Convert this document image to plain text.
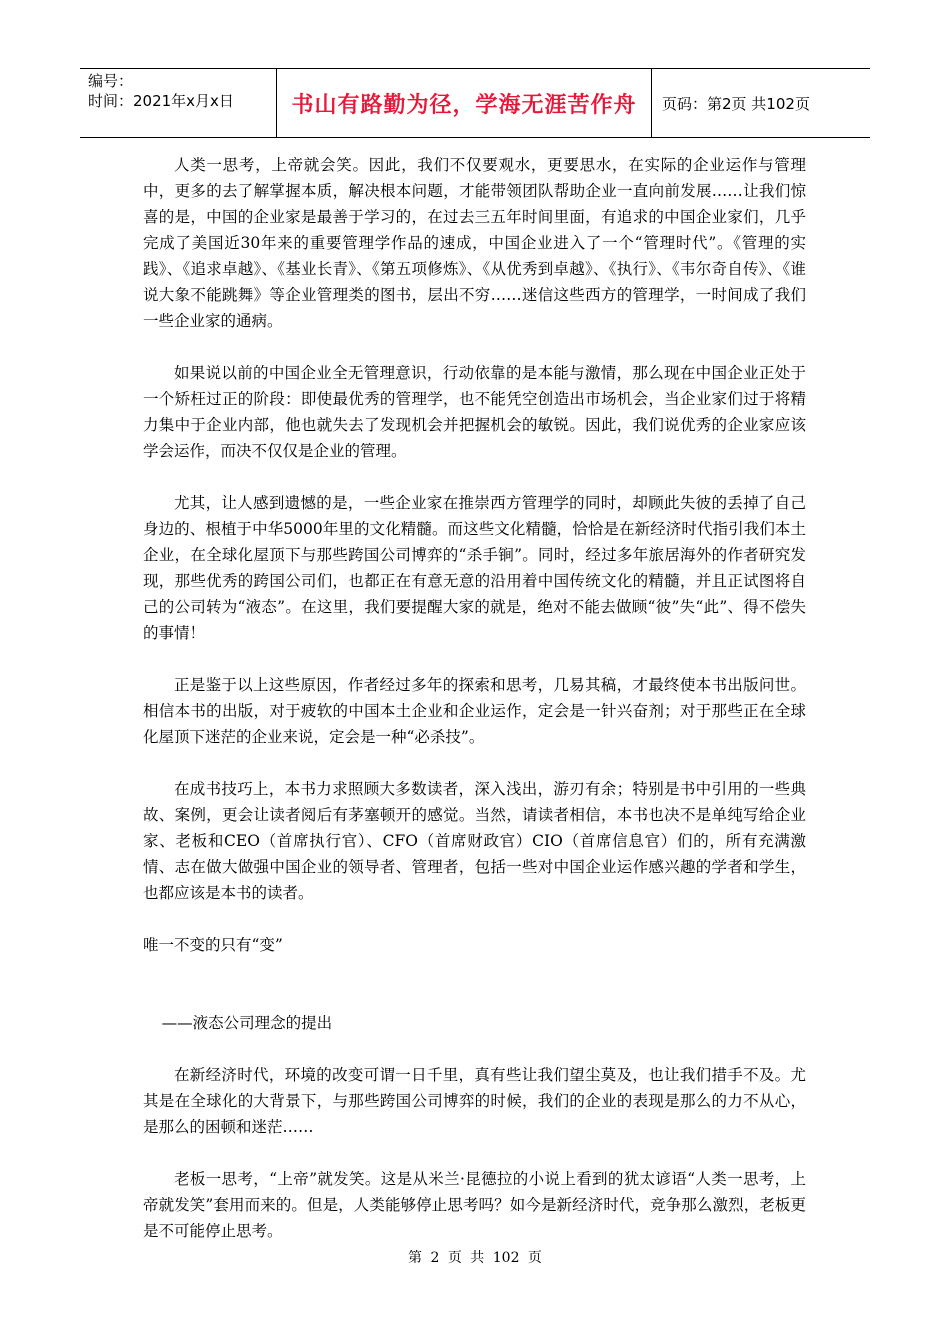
编号：
时间：2021年x月x日	书山有路勤为径，学海无涯苦作舟	页码：第2页 共102页

人类一思考，上帝就会笑。因此，我们不仅要观水，更要思水，在实际的企业运作与管理中，更多的去了解掌握本质，解决根本问题，才能带领团队帮助企业一直向前发展……让我们惊喜的是，中国的企业家是最善于学习的，在过去三五年时间里面，有追求的中国企业家们，几乎完成了美国近30年来的重要管理学作品的速成，中国企业进入了一个“管理时代”。《管理的实践》、《追求卓越》、《基业长青》、《第五项修炼》、《从优秀到卓越》、《执行》、《韦尔奇自传》、《谁说大象不能跳舞》等企业管理类的图书，层出不穷……迷信这些西方的管理学，一时间成了我们一些企业家的通病。

如果说以前的中国企业全无管理意识，行动依靠的是本能与激情，那么现在中国企业正处于一个矫枉过正的阶段：即使最优秀的管理学，也不能凭空创造出市场机会，当企业家们过于将精力集中于企业内部，他也就失去了发现机会并把握机会的敏锐。因此，我们说优秀的企业家应该学会运作，而决不仅仅是企业的管理。

尤其，让人感到遗憾的是，一些企业家在推崇西方管理学的同时，却顾此失彼的丢掉了自己身边的、根植于中华5000年里的文化精髓。而这些文化精髓，恰恰是在新经济时代指引我们本土企业，在全球化屋顶下与那些跨国公司博弈的“杀手锏”。同时，经过多年旅居海外的作者研究发现，那些优秀的跨国公司们，也都正在有意无意的沿用着中国传统文化的精髓，并且正试图将自己的公司转为“液态”。在这里，我们要提醒大家的就是，绝对不能去做顾“彼”失“此”、得不偿失的事情！

正是鉴于以上这些原因，作者经过多年的探索和思考，几易其稿，才最终使本书出版问世。相信本书的出版，对于疲软的中国本土企业和企业运作，定会是一针兴奋剂；对于那些正在全球化屋顶下迷茫的企业来说，定会是一种“必杀技”。

在成书技巧上，本书力求照顾大多数读者，深入浅出，游刃有余；特别是书中引用的一些典故、案例，更会让读者阅后有茅塞顿开的感觉。当然，请读者相信，本书也决不是单纯写给企业家、老板和CEO（首席执行官）、CFO（首席财政官）CIO（首席信息官）们的，所有充满激情、志在做大做强中国企业的领导者、管理者，包括一些对中国企业运作感兴趣的学者和学生，也都应该是本书的读者。

唯一不变的只有“变”

——液态公司理念的提出

在新经济时代，环境的改变可谓一日千里，真有些让我们望尘莫及，也让我们措手不及。尤其是在全球化的大背景下，与那些跨国公司博弈的时候，我们的企业的表现是那么的力不从心，是那么的困顿和迷茫……

老板一思考，“上帝”就发笑。这是从米兰·昆德拉的小说上看到的犹太谚语“人类一思考，上帝就发笑”套用而来的。但是，人类能够停止思考吗？如今是新经济时代，竞争那么激烈，老板更是不可能停止思考。

第 2 页 共 102 页
